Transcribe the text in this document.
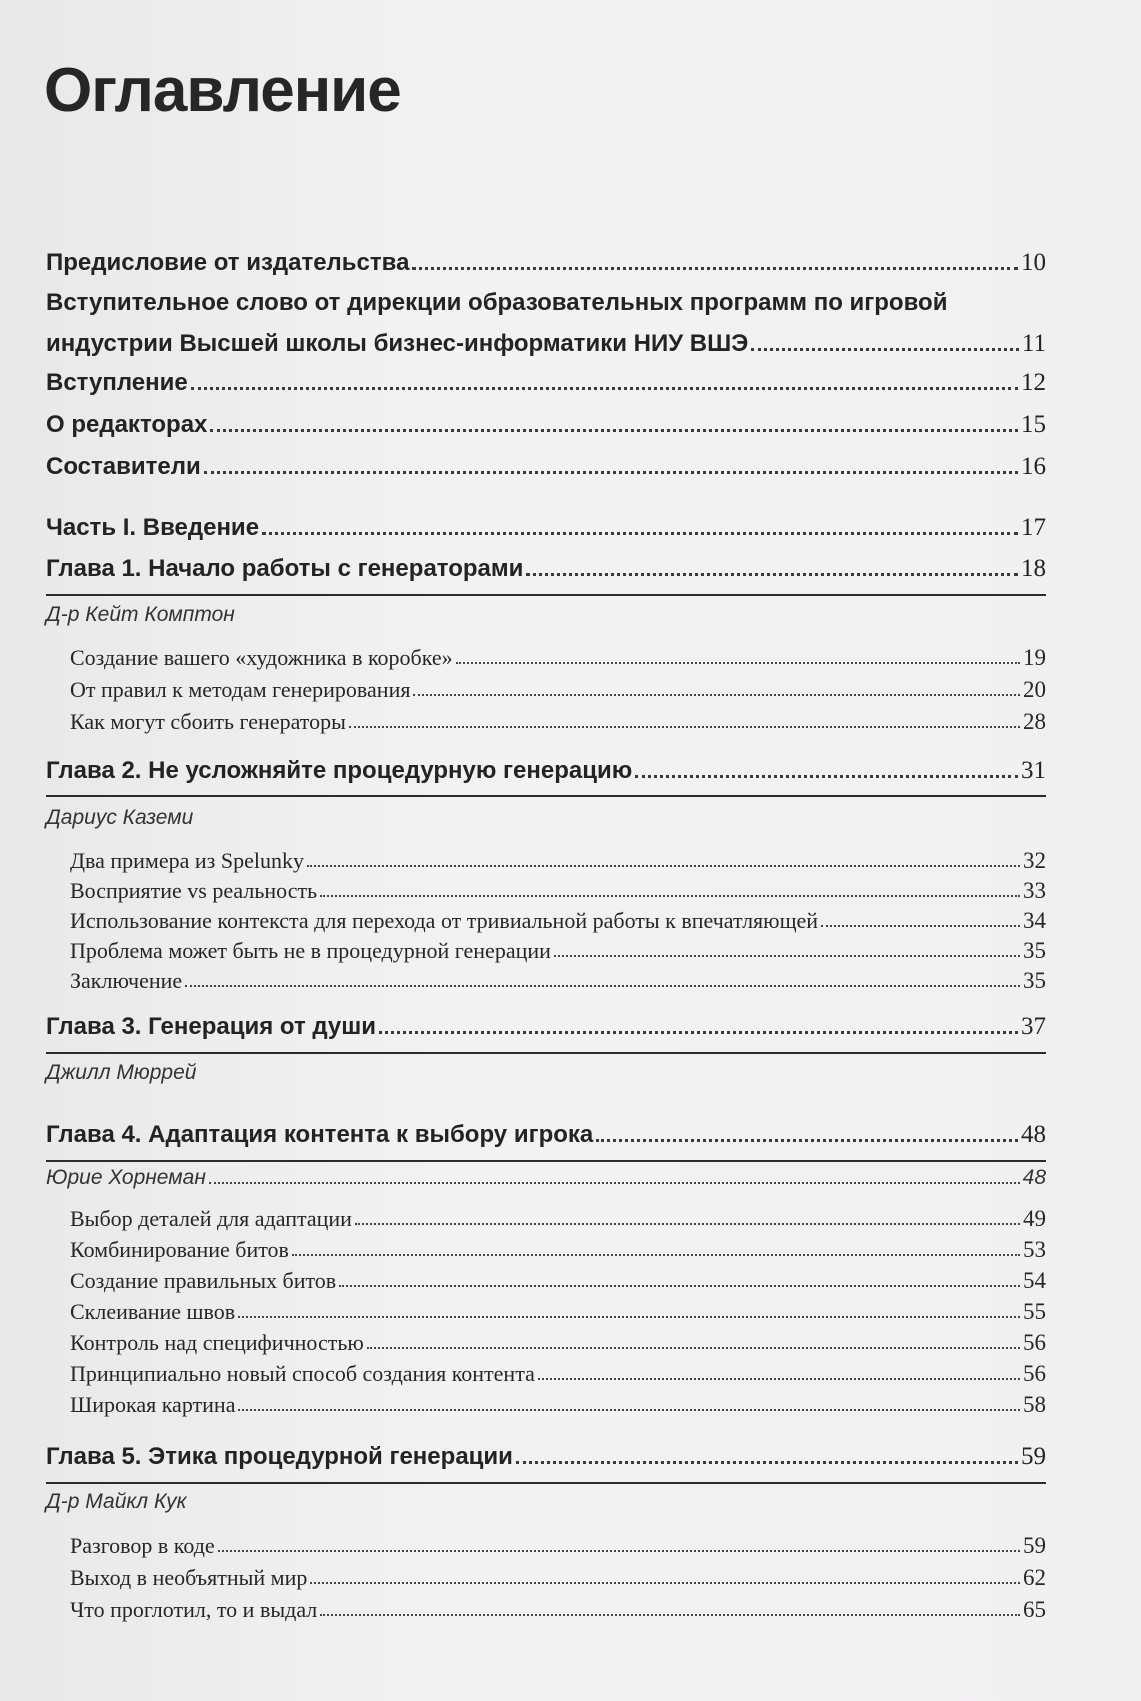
Оглавление
Предисловие от издательства	10
Вступительное слово от дирекции образовательных программ по игровой
индустрии Высшей школы бизнес-информатики НИУ ВШЭ	11
Вступление	12
О редакторах	15
Составители	16
Часть I. Введение	17
Глава 1. Начало работы с генераторами	18
Д-р Кейт Комптон
Создание вашего «художника в коробке»	19
От правил к методам генерирования	20
Как могут сбоить генераторы	28
Глава 2. Не усложняйте процедурную генерацию	31
Дариус Каземи
Два примера из Spelunky	32
Восприятие vs реальность	33
Использование контекста для перехода от тривиальной работы к впечатляющей	34
Проблема может быть не в процедурной генерации	35
Заключение	35
Глава 3. Генерация от души	37
Джилл Мюррей
Глава 4. Адаптация контента к выбору игрока	48
Юрие Хорнеман	48
Выбор деталей для адаптации	49
Комбинирование битов	53
Создание правильных битов	54
Склеивание швов	55
Контроль над специфичностью	56
Принципиально новый способ создания контента	56
Широкая картина	58
Глава 5. Этика процедурной генерации	59
Д-р Майкл Кук
Разговор в коде	59
Выход в необъятный мир	62
Что проглотил, то и выдал	65
